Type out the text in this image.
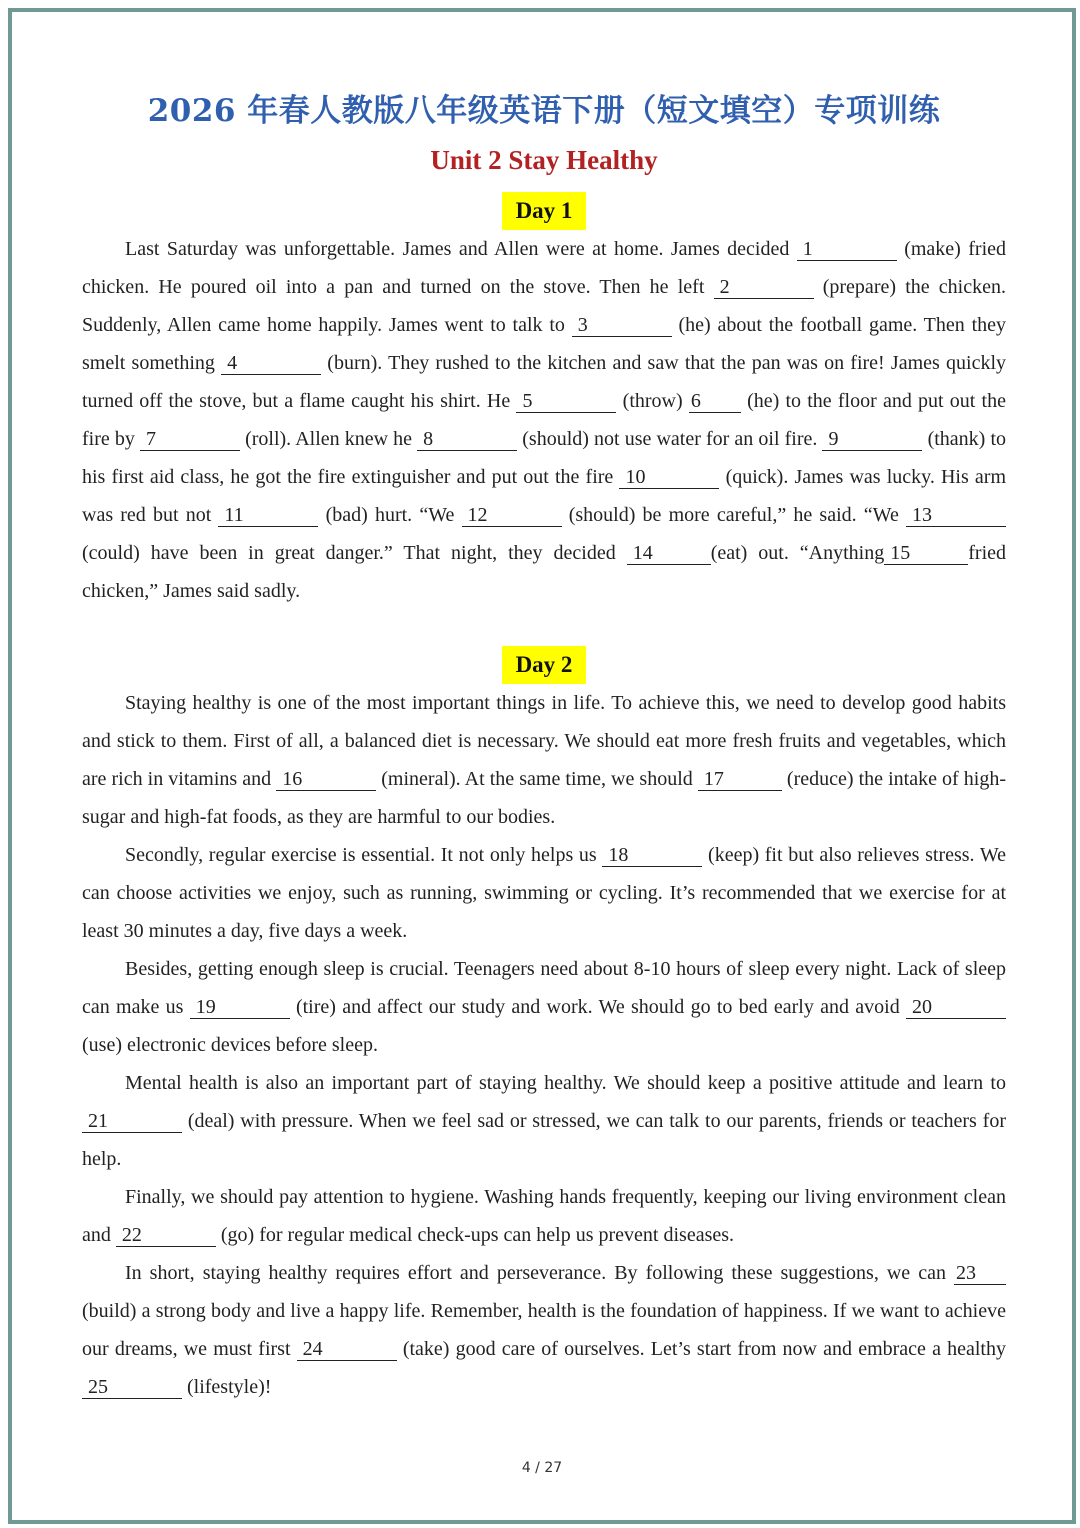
2026 年春人教版八年级英语下册（短文填空）专项训练
Unit 2 Stay Healthy
Day 1

Last Saturday was unforgettable. James and Allen were at home. James decided 1	(make) fried chicken. He poured oil into a pan and turned on the stove. Then he left 2	(prepare) the chicken. Suddenly, Allen came home happily. James went to talk to 3	(he) about the football game. Then they smelt something 4	(burn). They rushed to the kitchen and saw that the pan was on fire! James quickly turned off the stove, but a flame caught his shirt. He 5	(throw) 6 (he) to the floor and put out the fire by 7	(roll). Allen knew he 8	(should) not use water for an oil fire. 9	(thank) to his first aid class, he got the fire extinguisher and put out the fire 10	(quick). James was lucky. His arm was red but not 11	(bad) hurt. “We 12	(should) be more careful,” he said. “We 13 (could) have been in great danger.” That night, they decided 14	(eat) out. “Anything 15	fried chicken,” James said sadly.

Day 2

Staying healthy is one of the most important things in life. To achieve this, we need to develop good habits and stick to them. First of all, a balanced diet is necessary. We should eat more fresh fruits and vegetables, which are rich in vitamins and 16	(mineral). At the same time, we should 17	(reduce) the intake of high-sugar and high-fat foods, as they are harmful to our bodies.

Secondly, regular exercise is essential. It not only helps us 18	(keep) fit but also relieves stress. We can choose activities we enjoy, such as running, swimming or cycling. It’s recommended that we exercise for at least 30 minutes a day, five days a week.

Besides, getting enough sleep is crucial. Teenagers need about 8-10 hours of sleep every night. Lack of sleep can make us 19	(tire) and affect our study and work. We should go to bed early and avoid 20 (use) electronic devices before sleep.

Mental health is also an important part of staying healthy. We should keep a positive attitude and learn to 21	(deal) with pressure. When we feel sad or stressed, we can talk to our parents, friends or teachers for help.

Finally, we should pay attention to hygiene. Washing hands frequently, keeping our living environment clean and 22	(go) for regular medical check-ups can help us prevent diseases.

In short, staying healthy requires effort and perseverance. By following these suggestions, we can 23 (build) a strong body and live a happy life. Remember, health is the foundation of happiness. If we want to achieve our dreams, we must first 24	(take) good care of ourselves. Let’s start from now and embrace a healthy 25	(lifestyle)!

4 / 27
